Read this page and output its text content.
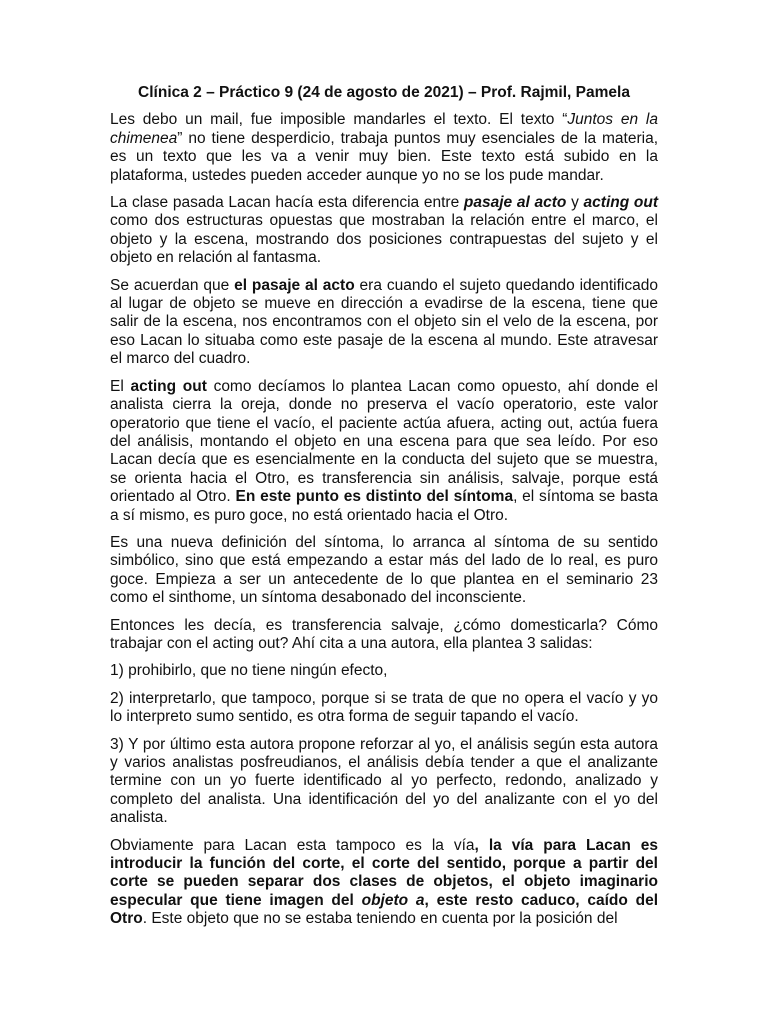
Clínica 2 – Práctico 9 (24 de agosto de 2021) – Prof. Rajmil, Pamela

Les debo un mail, fue imposible mandarles el texto. El texto “Juntos en la chimenea” no tiene desperdicio, trabaja puntos muy esenciales de la materia, es un texto que les va a venir muy bien. Este texto está subido en la plataforma, ustedes pueden acceder aunque yo no se los pude mandar.

La clase pasada Lacan hacía esta diferencia entre pasaje al acto y acting out como dos estructuras opuestas que mostraban la relación entre el marco, el objeto y la escena, mostrando dos posiciones contrapuestas del sujeto y el objeto en relación al fantasma.

Se acuerdan que el pasaje al acto era cuando el sujeto quedando identificado al lugar de objeto se mueve en dirección a evadirse de la escena, tiene que salir de la escena, nos encontramos con el objeto sin el velo de la escena, por eso Lacan lo situaba como este pasaje de la escena al mundo. Este atravesar el marco del cuadro.

El acting out como decíamos lo plantea Lacan como opuesto, ahí donde el analista cierra la oreja, donde no preserva el vacío operatorio, este valor operatorio que tiene el vacío, el paciente actúa afuera, acting out, actúa fuera del análisis, montando el objeto en una escena para que sea leído. Por eso Lacan decía que es esencialmente en la conducta del sujeto que se muestra, se orienta hacia el Otro, es transferencia sin análisis, salvaje, porque está orientado al Otro. En este punto es distinto del síntoma, el síntoma se basta a sí mismo, es puro goce, no está orientado hacia el Otro.

Es una nueva definición del síntoma, lo arranca al síntoma de su sentido simbólico, sino que está empezando a estar más del lado de lo real, es puro goce. Empieza a ser un antecedente de lo que plantea en el seminario 23 como el sinthome, un síntoma desabonado del inconsciente.

Entonces les decía, es transferencia salvaje, ¿cómo domesticarla? Cómo trabajar con el acting out? Ahí cita a una autora, ella plantea 3 salidas:

1) prohibirlo, que no tiene ningún efecto,

2) interpretarlo, que tampoco, porque si se trata de que no opera el vacío y yo lo interpreto sumo sentido, es otra forma de seguir tapando el vacío.

3) Y por último esta autora propone reforzar al yo, el análisis según esta autora y varios analistas posfreudianos, el análisis debía tender a que el analizante termine con un yo fuerte identificado al yo perfecto, redondo, analizado y completo del analista. Una identificación del yo del analizante con el yo del analista.

Obviamente para Lacan esta tampoco es la vía, la vía para Lacan es introducir la función del corte, el corte del sentido, porque a partir del corte se pueden separar dos clases de objetos, el objeto imaginario especular que tiene imagen del objeto a, este resto caduco, caído del Otro. Este objeto que no se estaba teniendo en cuenta por la posición del
